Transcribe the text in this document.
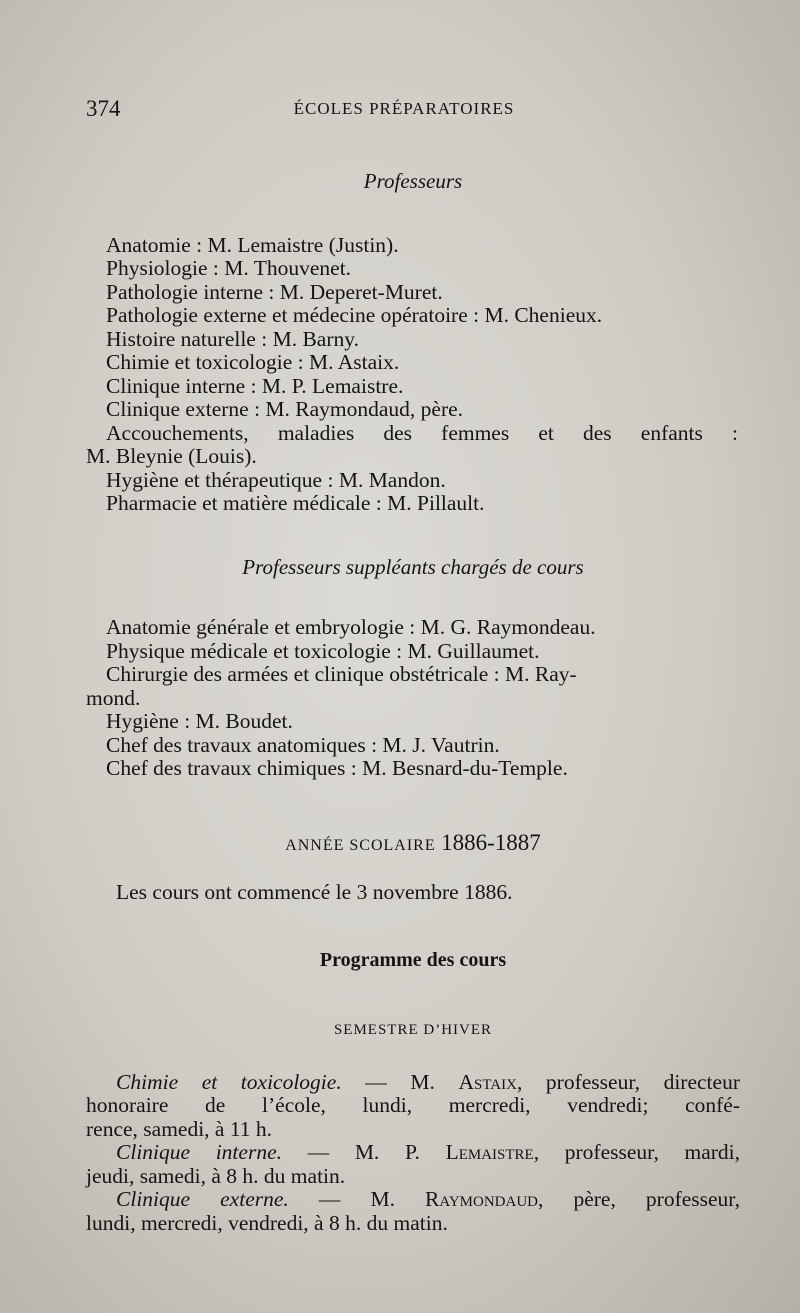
374	ÉCOLES PRÉPARATOIRES
Professeurs
Anatomie : M. Lemaistre (Justin).
Physiologie : M. Thouvenet.
Pathologie interne : M. Deperet-Muret.
Pathologie externe et médecine opératoire : M. Chenieux.
Histoire naturelle : M. Barny.
Chimie et toxicologie : M. Astaix.
Clinique interne : M. P. Lemaistre.
Clinique externe : M. Raymondaud, père.
Accouchements, maladies des femmes et des enfants :
M. Bleynie (Louis).
Hygiène et thérapeutique : M. Mandon.
Pharmacie et matière médicale : M. Pillault.
Professeurs suppléants chargés de cours
Anatomie générale et embryologie : M. G. Raymondeau.
Physique médicale et toxicologie : M. Guillaumet.
Chirurgie des armées et clinique obstétricale : M. Ray-
mond.
Hygiène : M. Boudet.
Chef des travaux anatomiques : M. J. Vautrin.
Chef des travaux chimiques : M. Besnard-du-Temple.
ANNÉE SCOLAIRE 1886-1887
Les cours ont commencé le 3 novembre 1886.
Programme des cours
SEMESTRE D’HIVER
Chimie et toxicologie. — M. Astaix, professeur, directeur
honoraire de l’école, lundi, mercredi, vendredi; confé-
rence, samedi, à 11 h.
Clinique interne. — M. P. Lemaistre, professeur, mardi,
jeudi, samedi, à 8 h. du matin.
Clinique externe. — M. Raymondaud, père, professeur,
lundi, mercredi, vendredi, à 8 h. du matin.
